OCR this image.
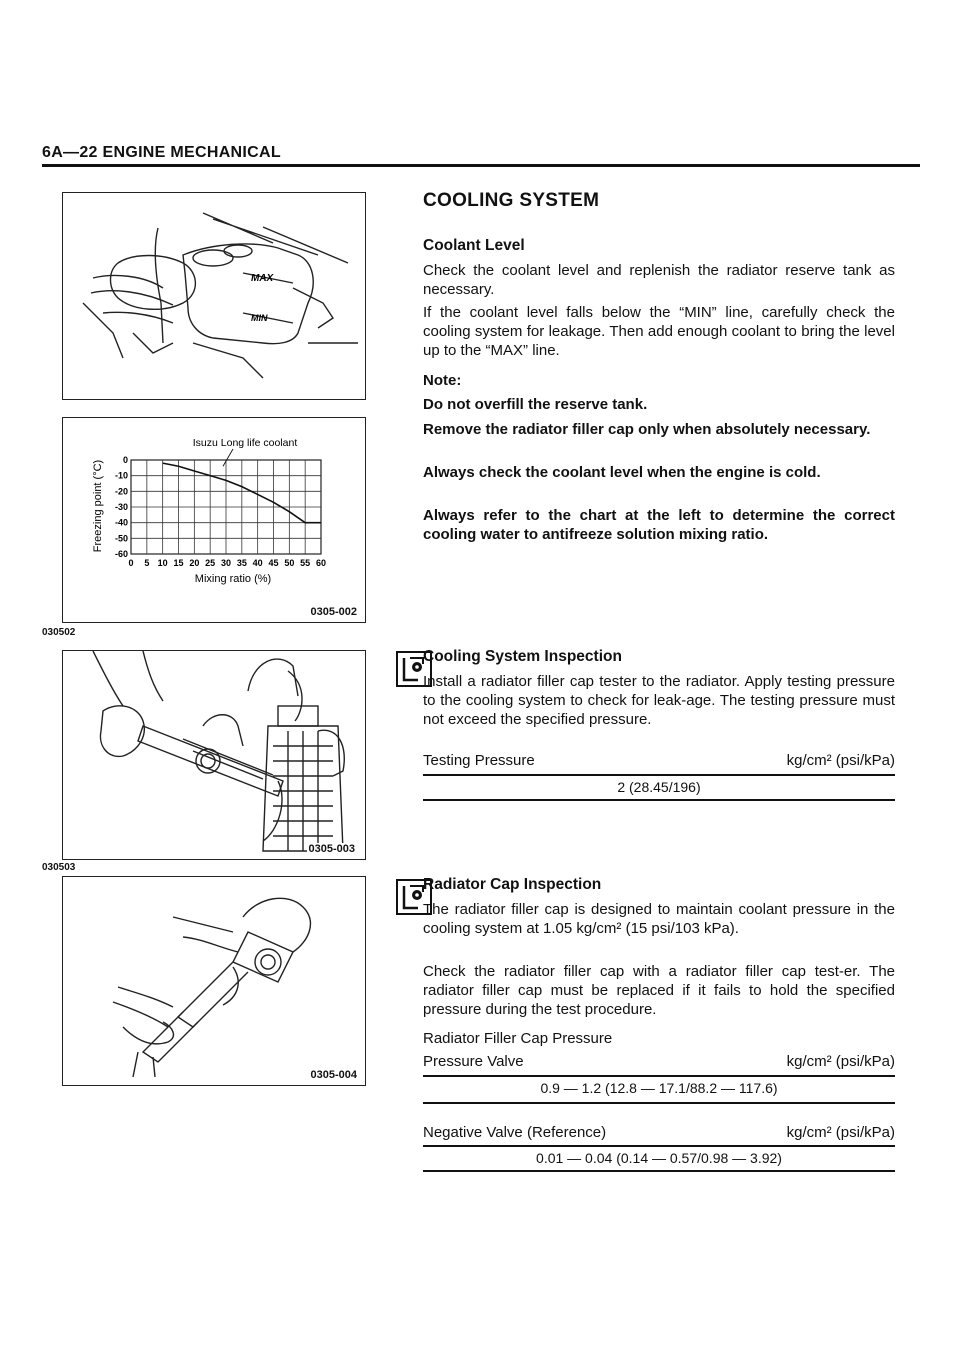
6A—22 ENGINE MECHANICAL
MAX
MIN
Isuzu Long life coolant
Freezing point (°C)
Mixing ratio (%)
0 5 10 15 20 25 30 35 40 45 50 55 60
0
-10
-20
-30
-40
-50
-60
0305-002
030502
0305-003
030503
0305-004
COOLING SYSTEM
Coolant Level

Check the coolant level and replenish the radiator reserve tank as necessary.

If the coolant level falls below the “MIN” line, carefully check the cooling system for leakage. Then add enough coolant to bring the level up to the “MAX” line.

Note:

Do not overfill the reserve tank.

Remove the radiator filler cap only when absolutely necessary.

Always check the coolant level when the engine is cold.

Always refer to the chart at the left to determine the correct cooling water to antifreeze solution mixing ratio.

Cooling System Inspection

Install a radiator filler cap tester to the radiator. Apply testing pressure to the cooling system to check for leak-age. The testing pressure must not exceed the specified pressure.

Testing Pressure	kg/cm² (psi/kPa)
2 (28.45/196)
Radiator Cap Inspection

The radiator filler cap is designed to maintain coolant pressure in the cooling system at 1.05 kg/cm² (15 psi/103 kPa).

Check the radiator filler cap with a radiator filler cap test-er. The radiator filler cap must be replaced if it fails to hold the specified pressure during the test procedure.

Radiator Filler Cap Pressure

Pressure Valve	kg/cm² (psi/kPa)
0.9 — 1.2 (12.8 — 17.1/88.2 — 117.6)
Negative Valve (Reference)	kg/cm² (psi/kPa)
0.01 — 0.04 (0.14 — 0.57/0.98 — 3.92)
